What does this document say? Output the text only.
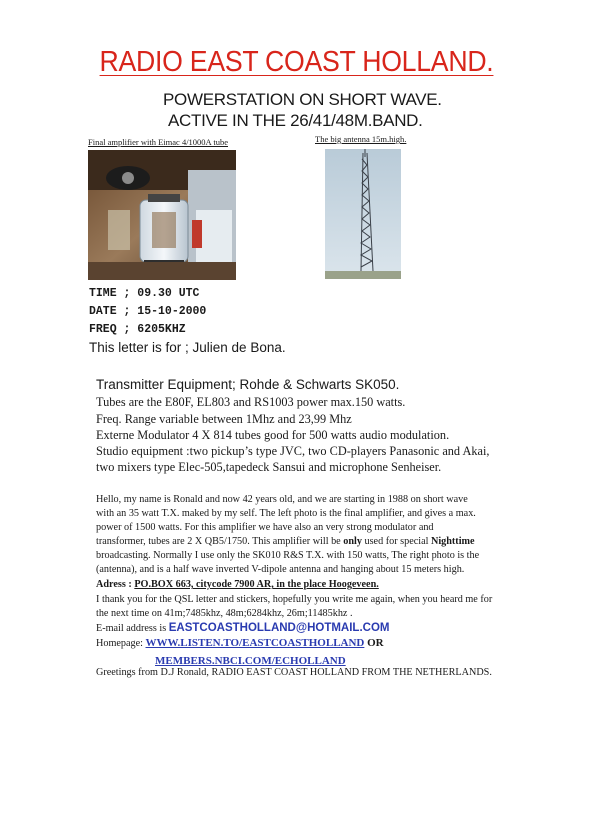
RADIO EAST COAST HOLLAND.
POWERSTATION ON SHORT WAVE.
ACTIVE IN THE 26/41/48M.BAND.
Final amplifier with Eimac 4/1000A tube	The big antenna 15m.high.
TIME ; 09.30 UTC
DATE ; 15-10-2000
FREQ ; 6205KHZ
This letter is for ; Julien de Bona.
Transmitter Equipment; Rohde & Schwarts SK050.
Tubes are the E80F, EL803 and RS1003 power max.150 watts.
Freq. Range variable between 1Mhz and 23,99 Mhz
Externe Modulator 4 X 814 tubes good for 500 watts audio modulation.
Studio equipment :two pickup’s type JVC, two CD-players Panasonic and Akai,
two mixers type Elec-505,tapedeck Sansui and microphone Senheiser.
Hello, my name is Ronald and now 42 years old, and we are starting in 1988 on short wave
with an 35 watt T.X. maked by my self. The left photo is the final amplifier, and gives a max.
power of 1500 watts. For this amplifier we have also an very strong modulator and
transformer, tubes are 2 X QB5/1750. This amplifier will be only used for special Nighttime
broadcasting. Normally I use only the SK010 R&S T.X. with 150 watts, The right photo is the
(antenna), and is a half wave inverted V-dipole antenna and hanging about 15 meters high.
Adress : PO.BOX 663, citycode 7900 AR, in the place Hoogeveen.
I thank you for the QSL letter and stickers, hopefully you write me again, when you heard me for
the next time on 41m;7485khz, 48m;6284khz, 26m;11485khz .
E-mail address is EASTCOASTHOLLAND@HOTMAIL.COM
Homepage: WWW.LISTEN.TO/EASTCOASTHOLLAND OR
MEMBERS.NBCI.COM/ECHOLLAND
Greetings from D.J Ronald, RADIO EAST COAST HOLLAND FROM THE NETHERLANDS.
